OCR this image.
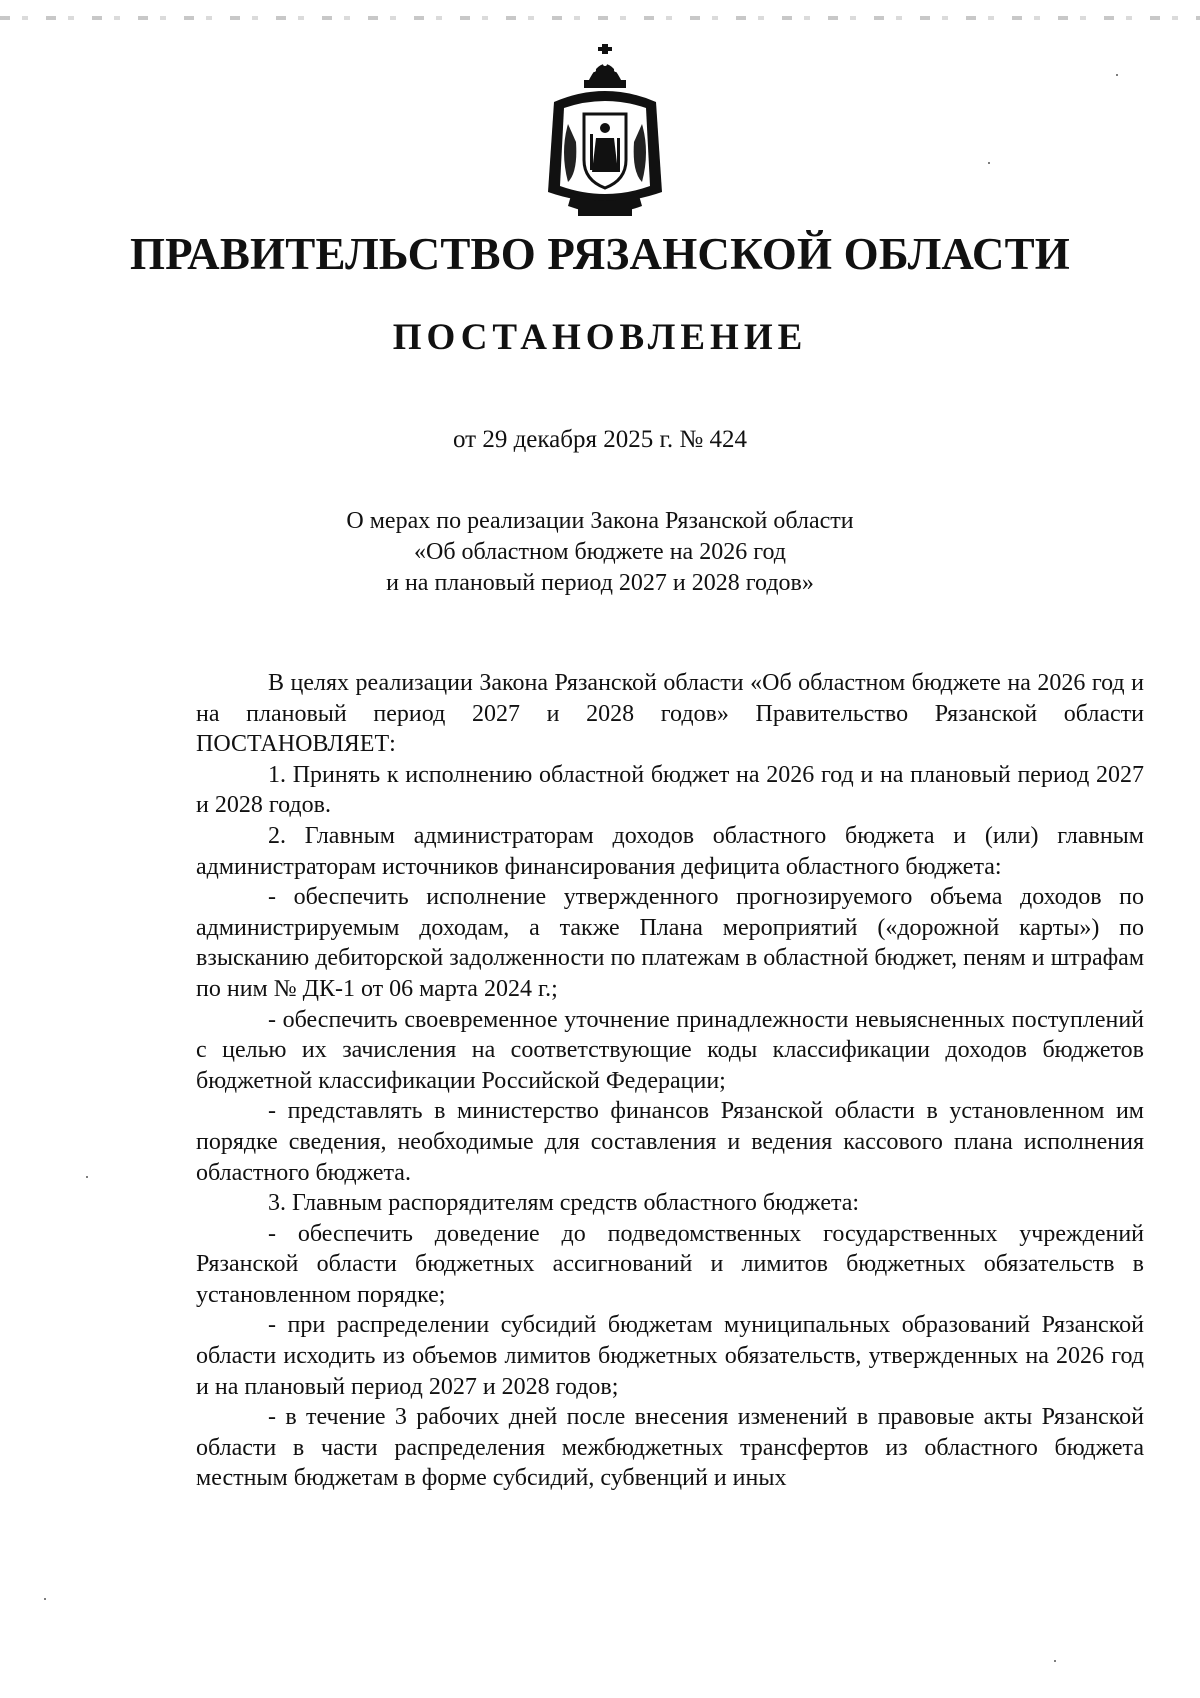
ПРАВИТЕЛЬСТВО РЯЗАНСКОЙ ОБЛАСТИ
ПОСТАНОВЛЕНИЕ
от 29 декабря 2025 г. № 424
О мерах по реализации Закона Рязанской области
«Об областном бюджете на 2026 год
и на плановый период 2027 и 2028 годов»

В целях реализации Закона Рязанской области «Об областном бюджете на 2026 год и на плановый период 2027 и 2028 годов» Правительство Рязанской области ПОСТАНОВЛЯЕТ:

1. Принять к исполнению областной бюджет на 2026 год и на плановый период 2027 и 2028 годов.

2. Главным администраторам доходов областного бюджета и (или) главным администраторам источников финансирования дефицита областного бюджета:

- обеспечить исполнение утвержденного прогнозируемого объема доходов по администрируемым доходам, а также Плана мероприятий («дорожной карты») по взысканию дебиторской задолженности по платежам в областной бюджет, пеням и штрафам по ним № ДК-1 от 06 марта 2024 г.;

- обеспечить своевременное уточнение принадлежности невыясненных поступлений с целью их зачисления на соответствующие коды классификации доходов бюджетов бюджетной классификации Российской Федерации;

- представлять в министерство финансов Рязанской области в установленном им порядке сведения, необходимые для составления и ведения кассового плана исполнения областного бюджета.

3. Главным распорядителям средств областного бюджета:

- обеспечить доведение до подведомственных государственных учреждений Рязанской области бюджетных ассигнований и лимитов бюджетных обязательств в установленном порядке;

- при распределении субсидий бюджетам муниципальных образований Рязанской области исходить из объемов лимитов бюджетных обязательств, утвержденных на 2026 год и на плановый период 2027 и 2028 годов;

- в течение 3 рабочих дней после внесения изменений в правовые акты Рязанской области в части распределения межбюджетных трансфертов из областного бюджета местным бюджетам в форме субсидий, субвенций и иных
